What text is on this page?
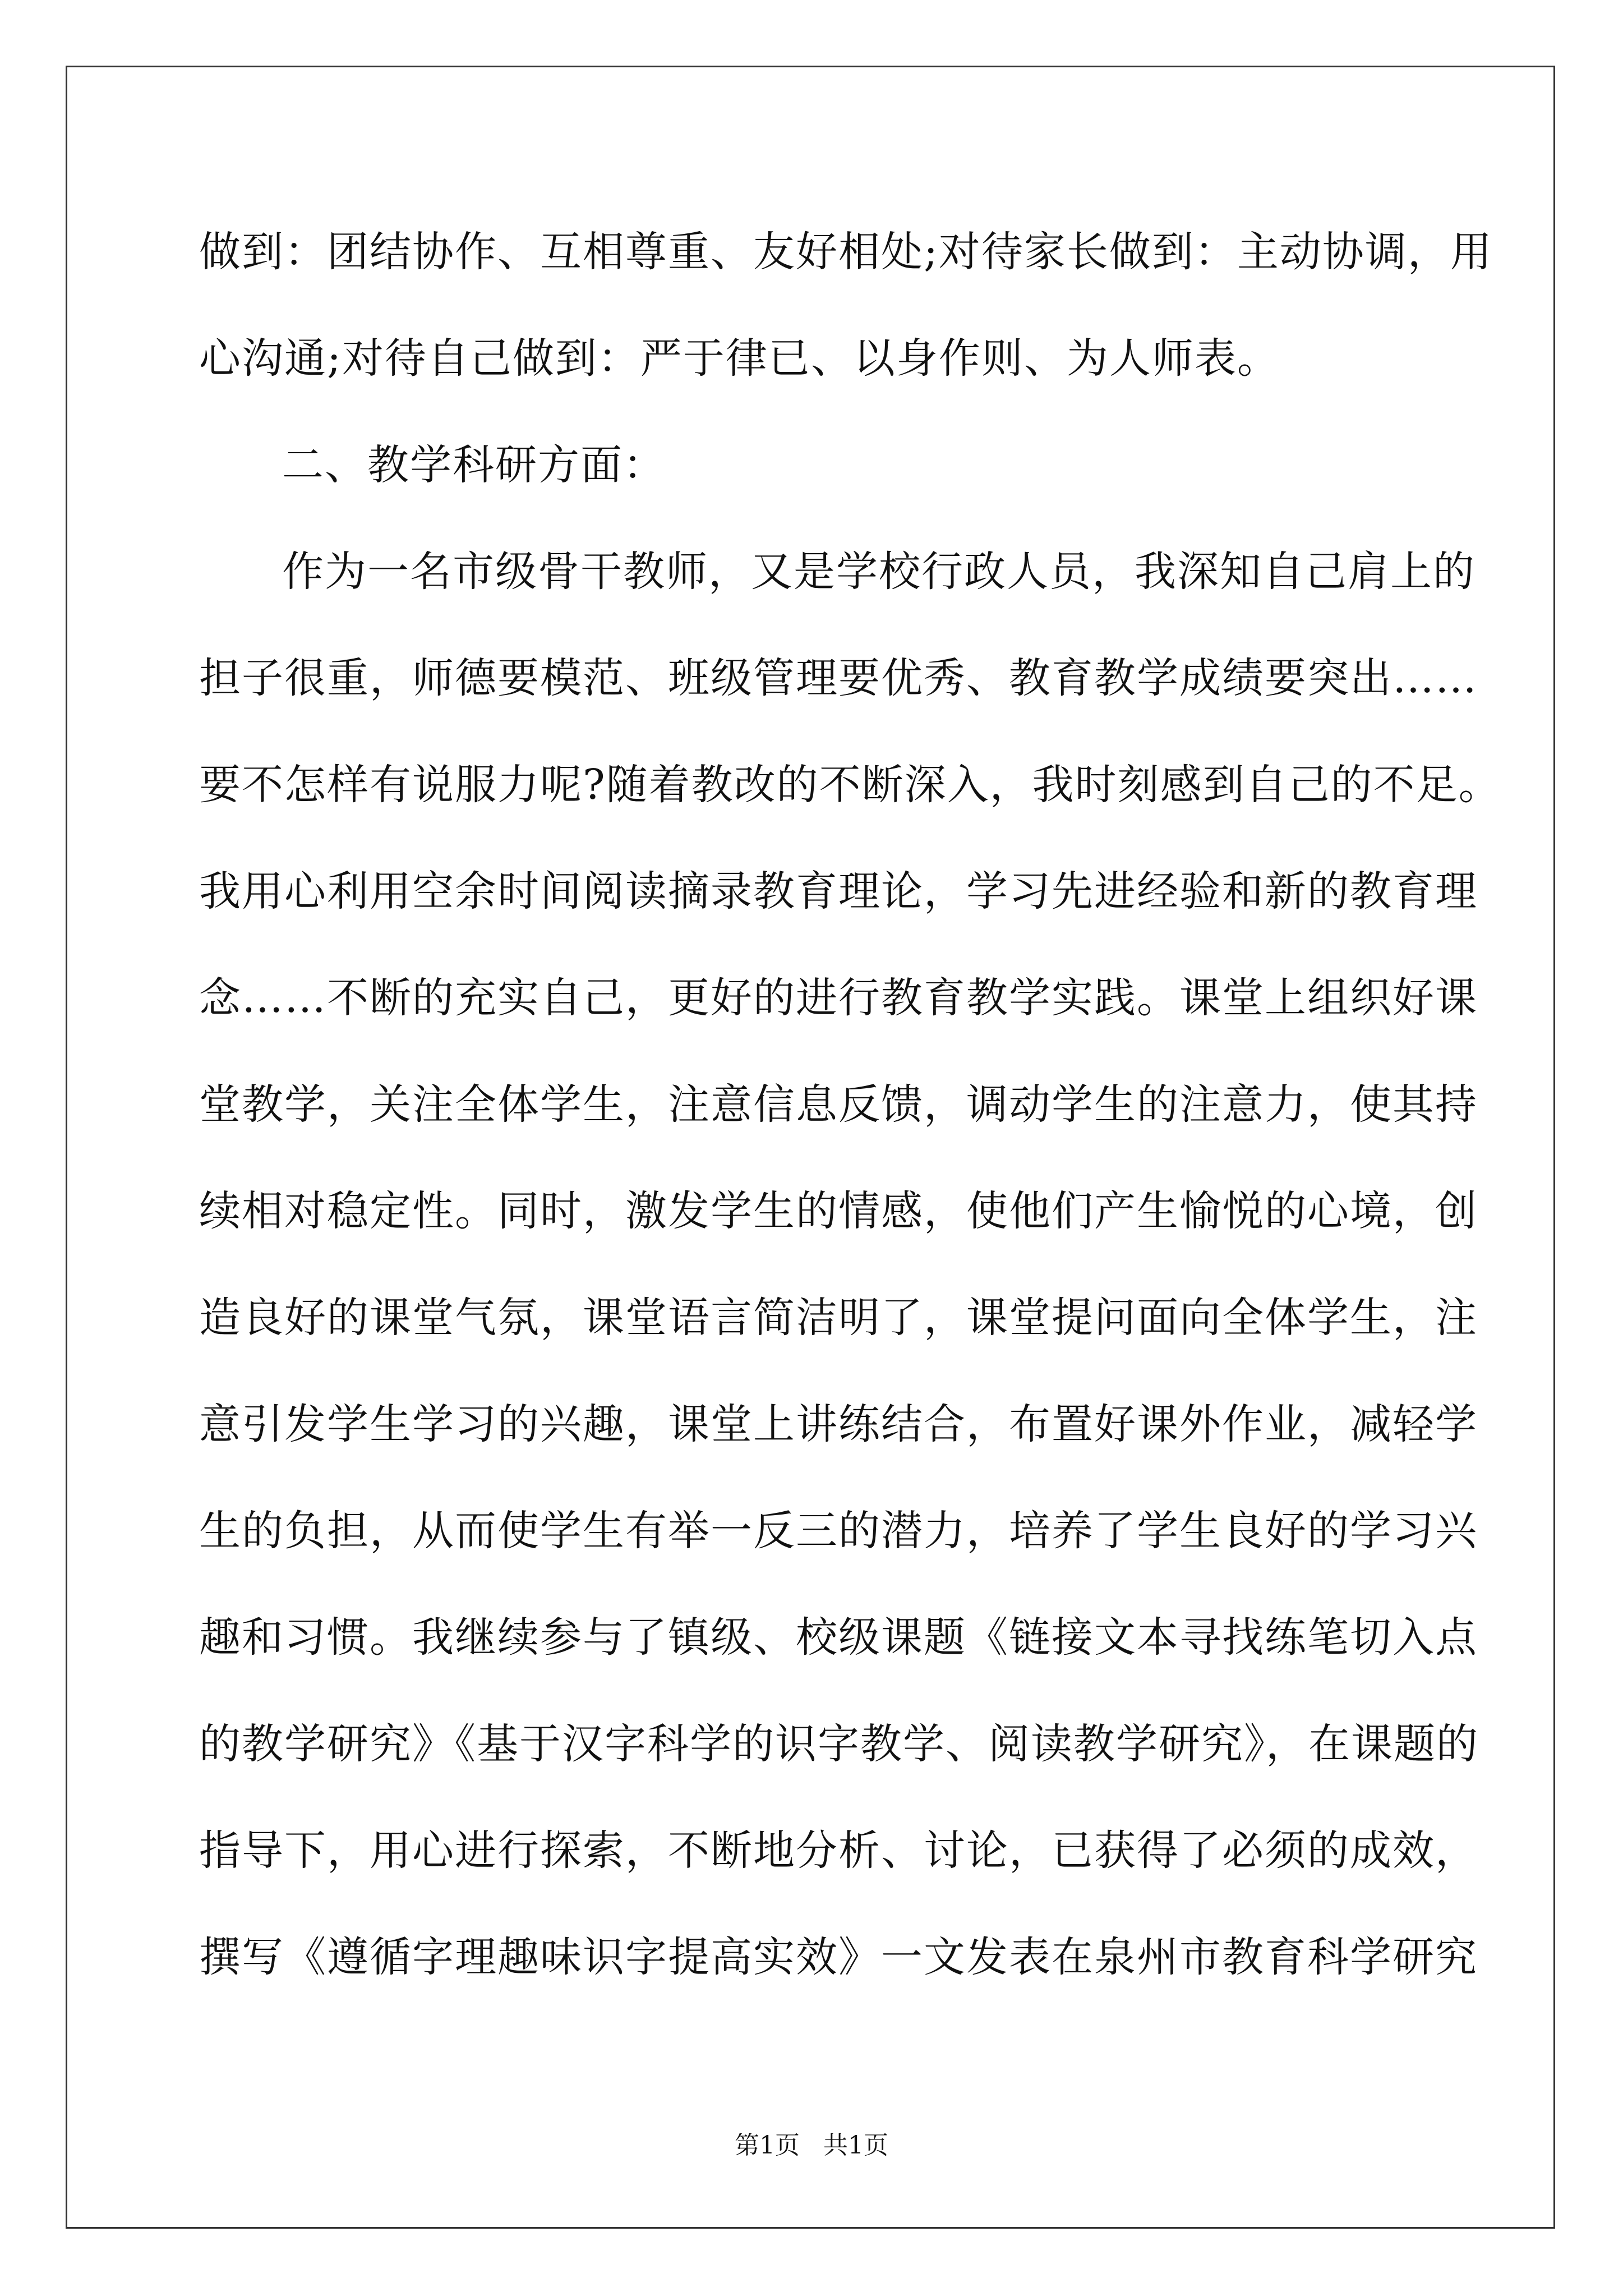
做到：团结协作、互相尊重、友好相处;对待家长做到：主动协调，用
心沟通;对待自己做到：严于律已、以身作则、为人师表。
二、教学科研方面：
作为一名市级骨干教师，又是学校行政人员，我深知自己肩上的
担子很重，师德要模范、班级管理要优秀、教育教学成绩要突出……
要不怎样有说服力呢?随着教改的不断深入，我时刻感到自己的不足。
我用心利用空余时间阅读摘录教育理论，学习先进经验和新的教育理
念……不断的充实自己，更好的进行教育教学实践。课堂上组织好课
堂教学，关注全体学生，注意信息反馈，调动学生的注意力，使其持
续相对稳定性。同时，激发学生的情感，使他们产生愉悦的心境，创
造良好的课堂气氛，课堂语言简洁明了，课堂提问面向全体学生，注
意引发学生学习的兴趣，课堂上讲练结合，布置好课外作业，减轻学
生的负担，从而使学生有举一反三的潜力，培养了学生良好的学习兴
趣和习惯。我继续参与了镇级、校级课题《链接文本寻找练笔切入点
的教学研究》《基于汉字科学的识字教学、阅读教学研究》，在课题的
指导下，用心进行探索，不断地分析、讨论，已获得了必须的成效，
撰写《遵循字理趣味识字提高实效》一文发表在泉州市教育科学研究
第1页   共1页
